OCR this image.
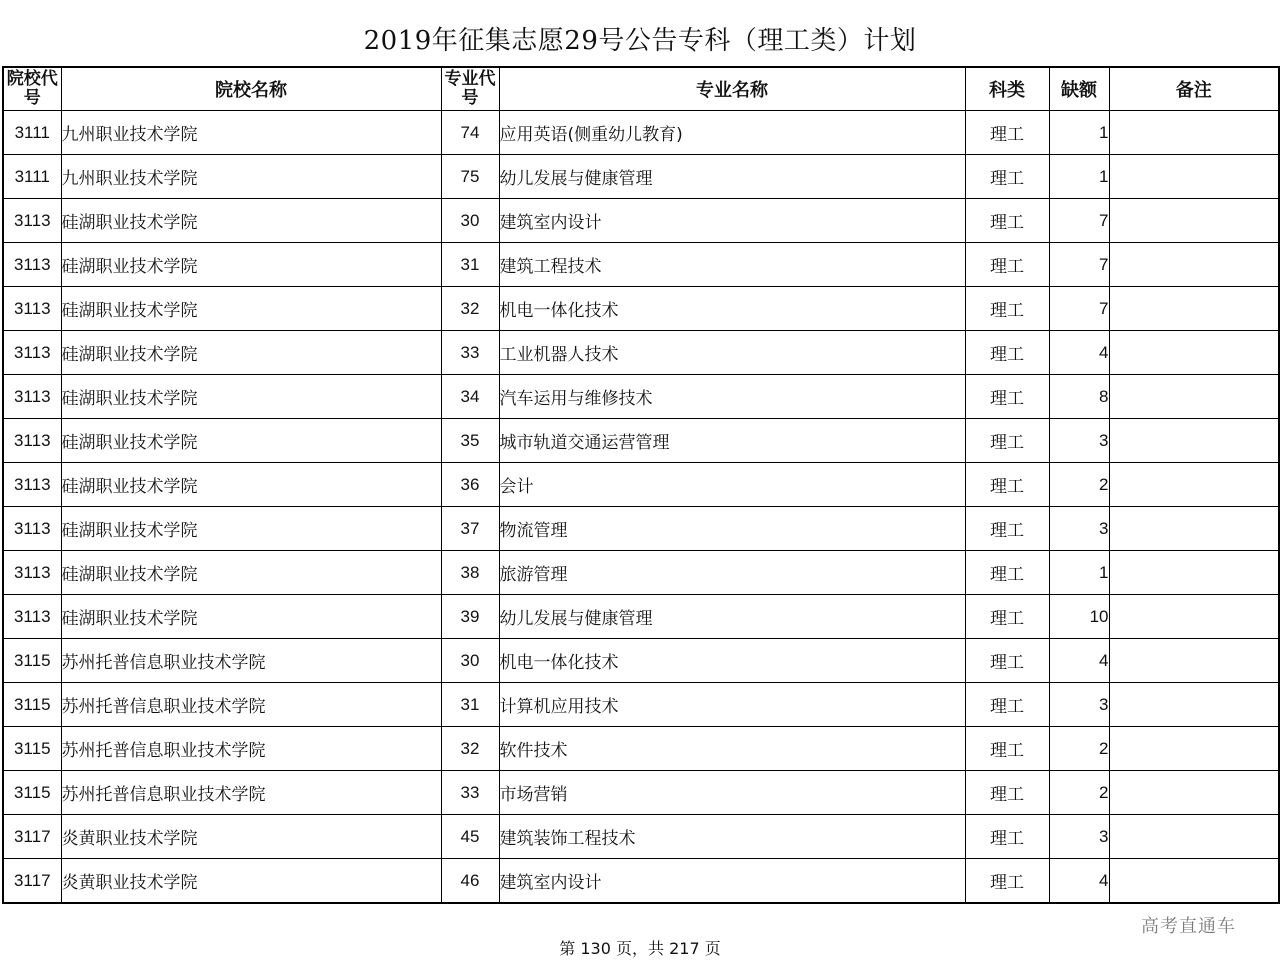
2019年征集志愿29号公告专科（理工类）计划
院校代号	院校名称	专业代号	专业名称	科类	缺额	备注
3111	九州职业技术学院	74	应用英语(侧重幼儿教育)	理工	1	
3111	九州职业技术学院	75	幼儿发展与健康管理	理工	1	
3113	硅湖职业技术学院	30	建筑室内设计	理工	7	
3113	硅湖职业技术学院	31	建筑工程技术	理工	7	
3113	硅湖职业技术学院	32	机电一体化技术	理工	7	
3113	硅湖职业技术学院	33	工业机器人技术	理工	4	
3113	硅湖职业技术学院	34	汽车运用与维修技术	理工	8	
3113	硅湖职业技术学院	35	城市轨道交通运营管理	理工	3	
3113	硅湖职业技术学院	36	会计	理工	2	
3113	硅湖职业技术学院	37	物流管理	理工	3	
3113	硅湖职业技术学院	38	旅游管理	理工	1	
3113	硅湖职业技术学院	39	幼儿发展与健康管理	理工	10	
3115	苏州托普信息职业技术学院	30	机电一体化技术	理工	4	
3115	苏州托普信息职业技术学院	31	计算机应用技术	理工	3	
3115	苏州托普信息职业技术学院	32	软件技术	理工	2	
3115	苏州托普信息职业技术学院	33	市场营销	理工	2	
3117	炎黄职业技术学院	45	建筑装饰工程技术	理工	3	
3117	炎黄职业技术学院	46	建筑室内设计	理工	4	
高考直通车
第 130 页，共 217 页
